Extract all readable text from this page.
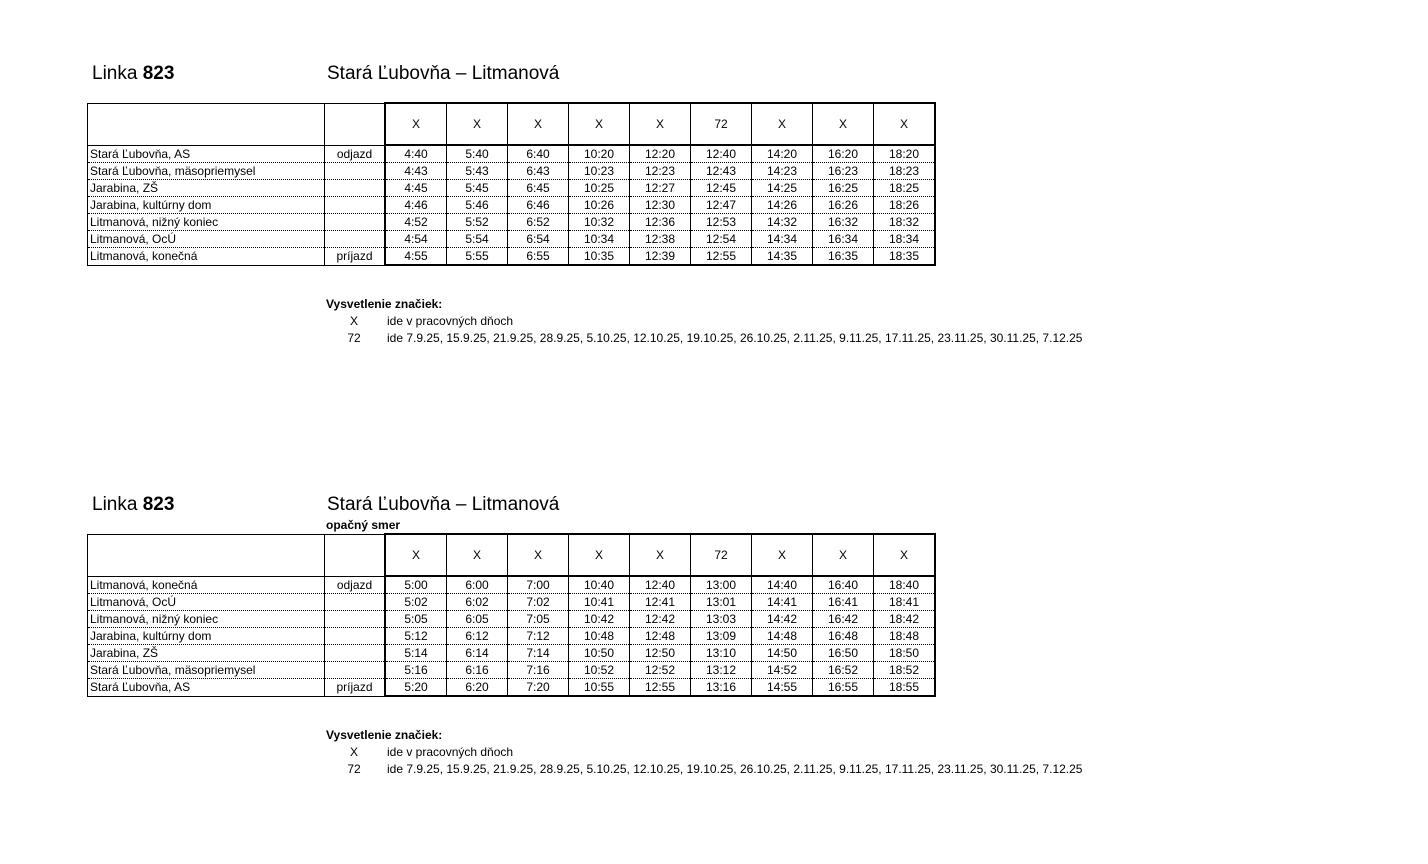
Linka 823	Stará Ľubovňa – Litmanová
		X	X	X	X	X	72	X	X	X
Stará Ľubovňa, AS	odjazd	4:40	5:40	6:40	10:20	12:20	12:40	14:20	16:20	18:20
Stará Ľubovňa, mäsopriemysel		4:43	5:43	6:43	10:23	12:23	12:43	14:23	16:23	18:23
Jarabina, ZŠ		4:45	5:45	6:45	10:25	12:27	12:45	14:25	16:25	18:25
Jarabina, kultúrny dom		4:46	5:46	6:46	10:26	12:30	12:47	14:26	16:26	18:26
Litmanová, nižný koniec		4:52	5:52	6:52	10:32	12:36	12:53	14:32	16:32	18:32
Litmanová, OcÚ		4:54	5:54	6:54	10:34	12:38	12:54	14:34	16:34	18:34
Litmanová, konečná	príjazd	4:55	5:55	6:55	10:35	12:39	12:55	14:35	16:35	18:35
Vysvetlenie značiek:
X ide v pracovných dňoch
72 ide 7.9.25, 15.9.25, 21.9.25, 28.9.25, 5.10.25, 12.10.25, 19.10.25, 26.10.25, 2.11.25, 9.11.25, 17.11.25, 23.11.25, 30.11.25, 7.12.25
Linka 823	Stará Ľubovňa – Litmanová
opačný smer
		X	X	X	X	X	72	X	X	X
Litmanová, konečná	odjazd	5:00	6:00	7:00	10:40	12:40	13:00	14:40	16:40	18:40
Litmanová, OcÚ		5:02	6:02	7:02	10:41	12:41	13:01	14:41	16:41	18:41
Litmanová, nižný koniec		5:05	6:05	7:05	10:42	12:42	13:03	14:42	16:42	18:42
Jarabina, kultúrny dom		5:12	6:12	7:12	10:48	12:48	13:09	14:48	16:48	18:48
Jarabina, ZŠ		5:14	6:14	7:14	10:50	12:50	13:10	14:50	16:50	18:50
Stará Ľubovňa, mäsopriemysel		5:16	6:16	7:16	10:52	12:52	13:12	14:52	16:52	18:52
Stará Ľubovňa, AS	príjazd	5:20	6:20	7:20	10:55	12:55	13:16	14:55	16:55	18:55
Vysvetlenie značiek:
X ide v pracovných dňoch
72 ide 7.9.25, 15.9.25, 21.9.25, 28.9.25, 5.10.25, 12.10.25, 19.10.25, 26.10.25, 2.11.25, 9.11.25, 17.11.25, 23.11.25, 30.11.25, 7.12.25
